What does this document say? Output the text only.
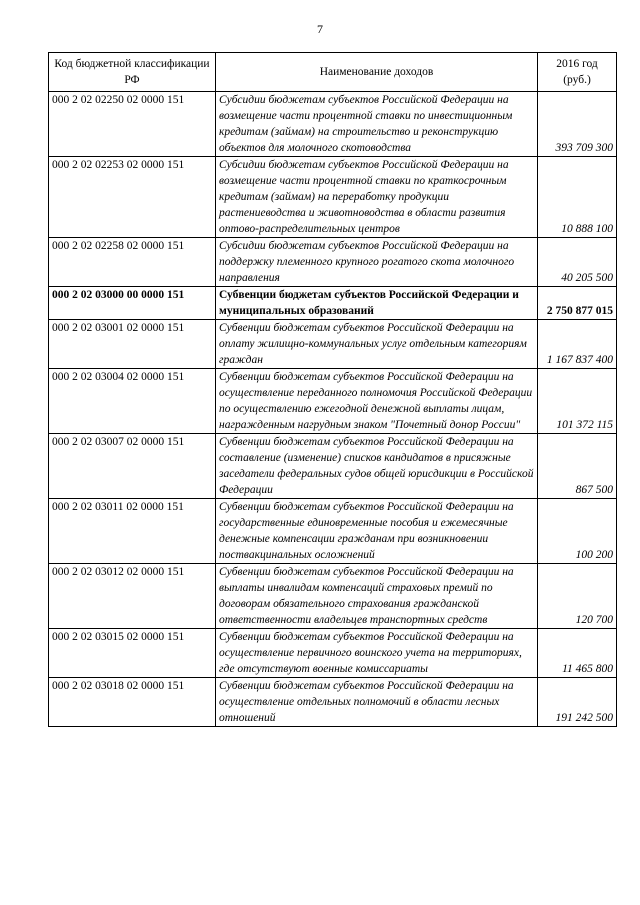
7
Код бюджетной классификации РФ	Наименование доходов	2016 год (руб.)
000 2 02 02250 02 0000 151	Субсидии бюджетам субъектов Российской Федерации на возмещение части процентной ставки по инвестиционным кредитам (займам) на строительство и реконструкцию объектов для молочного скотоводства	393 709 300
000 2 02 02253 02 0000 151	Субсидии бюджетам субъектов Российской Федерации на возмещение части процентной ставки по краткосрочным кредитам (займам) на переработку продукции растениеводства и животноводства в области развития оптово-распределительных центров	10 888 100
000 2 02 02258 02 0000 151	Субсидии бюджетам субъектов Российской Федерации на поддержку племенного крупного рогатого скота молочного направления	40 205 500
000 2 02 03000 00 0000 151	Субвенции бюджетам субъектов Российской Федерации и муниципальных образований	2 750 877 015
000 2 02 03001 02 0000 151	Субвенции бюджетам субъектов Российской Федерации на оплату жилищно-коммунальных услуг отдельным категориям граждан	1 167 837 400
000 2 02 03004 02 0000 151	Субвенции бюджетам субъектов Российской Федерации на осуществление переданного полномочия Российской Федерации по осуществлению ежегодной денежной выплаты лицам, награжденным нагрудным знаком "Почетный донор России"	101 372 115
000 2 02 03007 02 0000 151	Субвенции бюджетам субъектов Российской Федерации на составление (изменение) списков кандидатов в присяжные заседатели федеральных судов общей юрисдикции в Российской Федерации	867 500
000 2 02 03011 02 0000 151	Субвенции бюджетам субъектов Российской Федерации на государственные единовременные пособия и ежемесячные денежные компенсации гражданам при возникновении поствакцинальных осложнений	100 200
000 2 02 03012 02 0000 151	Субвенции бюджетам субъектов Российской Федерации на выплаты инвалидам компенсаций страховых премий по договорам обязательного страхования гражданской ответственности владельцев транспортных средств	120 700
000 2 02 03015 02 0000 151	Субвенции бюджетам субъектов Российской Федерации на осуществление первичного воинского учета на территориях, где отсутствуют военные комиссариаты	11 465 800
000 2 02 03018 02 0000 151	Субвенции бюджетам субъектов Российской Федерации на осуществление отдельных полномочий в области лесных отношений	191 242 500
